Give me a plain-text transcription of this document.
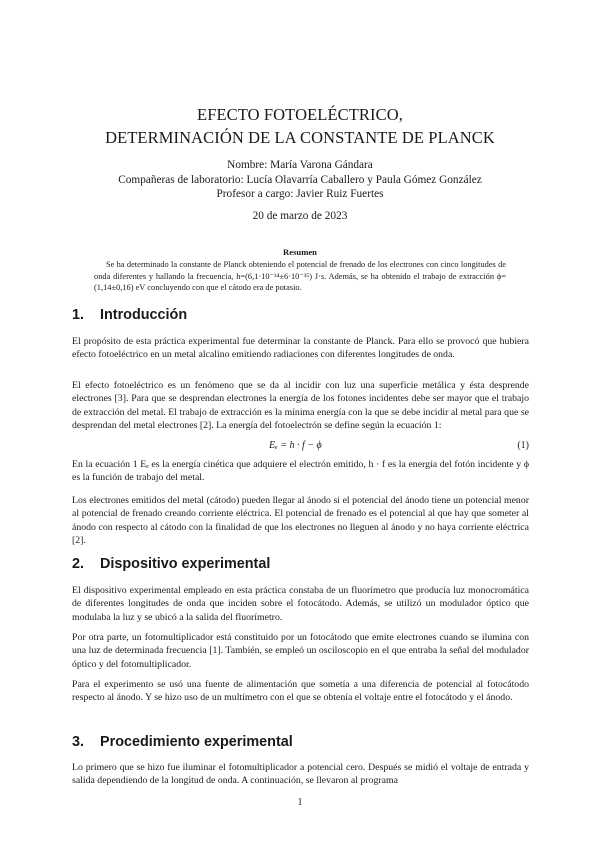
EFECTO FOTOELÉCTRICO,
DETERMINACIÓN DE LA CONSTANTE DE PLANCK
Nombre: María Varona Gándara
Compañeras de laboratorio: Lucía Olavarría Caballero y Paula Gómez González
Profesor a cargo: Javier Ruiz Fuertes
20 de marzo de 2023
Resumen
Se ha determinado la constante de Planck obteniendo el potencial de frenado de los electrones con cinco longitudes de onda diferentes y hallando la frecuencia, h=(6,1·10⁻³⁴±6·10⁻³⁵) J·s. Además, se ha obtenido el trabajo de extracción ϕ=(1,14±0,16) eV concluyendo con que el cátodo era de potasio.
1. Introducción
El propósito de esta práctica experimental fue determinar la constante de Planck. Para ello se provocó que hubiera efecto fotoeléctrico en un metal alcalino emitiendo radiaciones con diferentes longitudes de onda.
El efecto fotoeléctrico es un fenómeno que se da al incidir con luz una superficie metálica y ésta desprende electrones [3]. Para que se desprendan electrones la energía de los fotones incidentes debe ser mayor que el trabajo de extracción del metal. El trabajo de extracción es la mínima energía con la que se debe incidir al metal para que se desprendan del metal electrones [2]. La energía del fotoelectrón se define según la ecuación 1:
Eₑ = h · f − ϕ	(1)
En la ecuación 1 Eₑ es la energía cinética que adquiere el electrón emitido, h · f es la energía del fotón incidente y ϕ es la función de trabajo del metal.
Los electrones emitidos del metal (cátodo) pueden llegar al ánodo si el potencial del ánodo tiene un potencial menor al potencial de frenado creando corriente eléctrica. El potencial de frenado es el potencial al que hay que someter al ánodo con respecto al cátodo con la finalidad de que los electrones no lleguen al ánodo y no haya corriente eléctrica [2].
2. Dispositivo experimental
El dispositivo experimental empleado en esta práctica constaba de un fluorímetro que producía luz monocromática de diferentes longitudes de onda que inciden sobre el fotocátodo. Además, se utilizó un modulador óptico que modulaba la luz y se ubicó a la salida del fluorímetro.
Por otra parte, un fotomultiplicador está constituido por un fotocátodo que emite electrones cuando se ilumina con una luz de determinada frecuencia [1]. También, se empleó un osciloscopio en el que entraba la señal del modulador óptico y del fotomultiplicador.
Para el experimento se usó una fuente de alimentación que sometía a una diferencia de potencial al fotocátodo respecto al ánodo. Y se hizo uso de un multímetro con el que se obtenía el voltaje entre el fotocátodo y el ánodo.
3. Procedimiento experimental
Lo primero que se hizo fue iluminar el fotomultiplicador a potencial cero. Después se midió el voltaje de entrada y salida dependiendo de la longitud de onda. A continuación, se llevaron al programa
1
